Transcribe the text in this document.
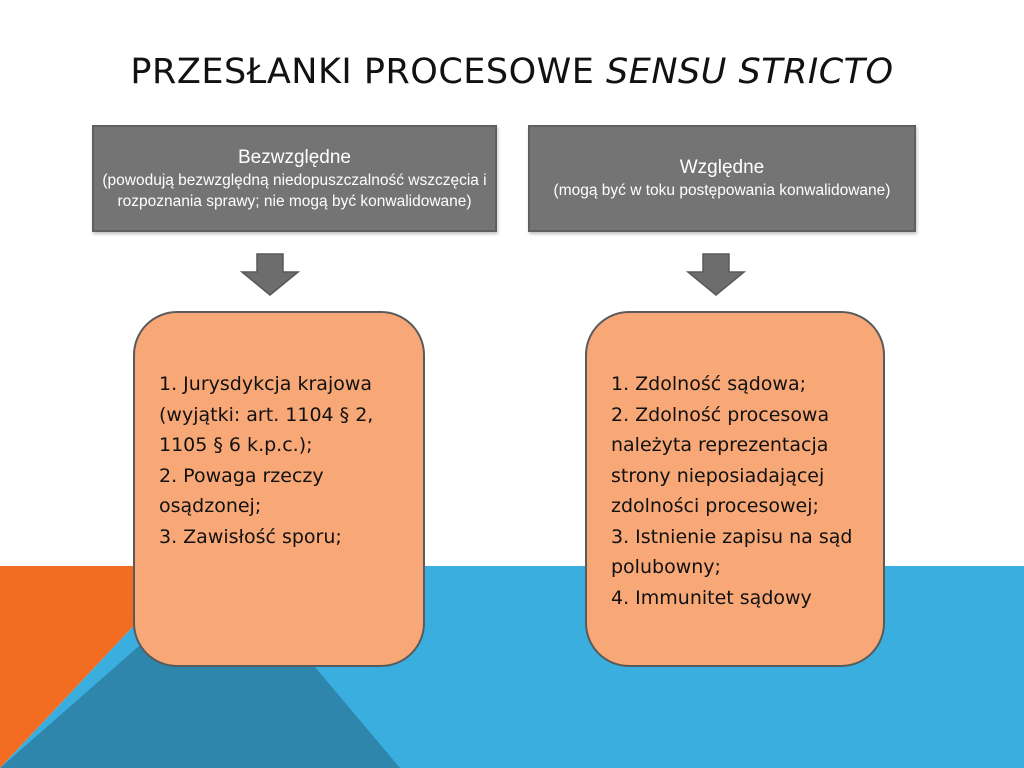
PRZESŁANKI PROCESOWE SENSU STRICTO
Bezwzględne
(powodują bezwzględną niedopuszczalność wszczęcia i rozpoznania sprawy; nie mogą być konwalidowane)
Względne
(mogą być w toku postępowania konwalidowane)
1. Jurysdykcja krajowa (wyjątki: art. 1104 § 2, 1105 § 6 k.p.c.);
2. Powaga rzeczy osądzonej;
3. Zawisłość sporu;
1. Zdolność sądowa;
2. Zdolność procesowa należyta reprezentacja strony nieposiadającej zdolności procesowej;
3. Istnienie zapisu na sąd polubowny;
4. Immunitet sądowy
